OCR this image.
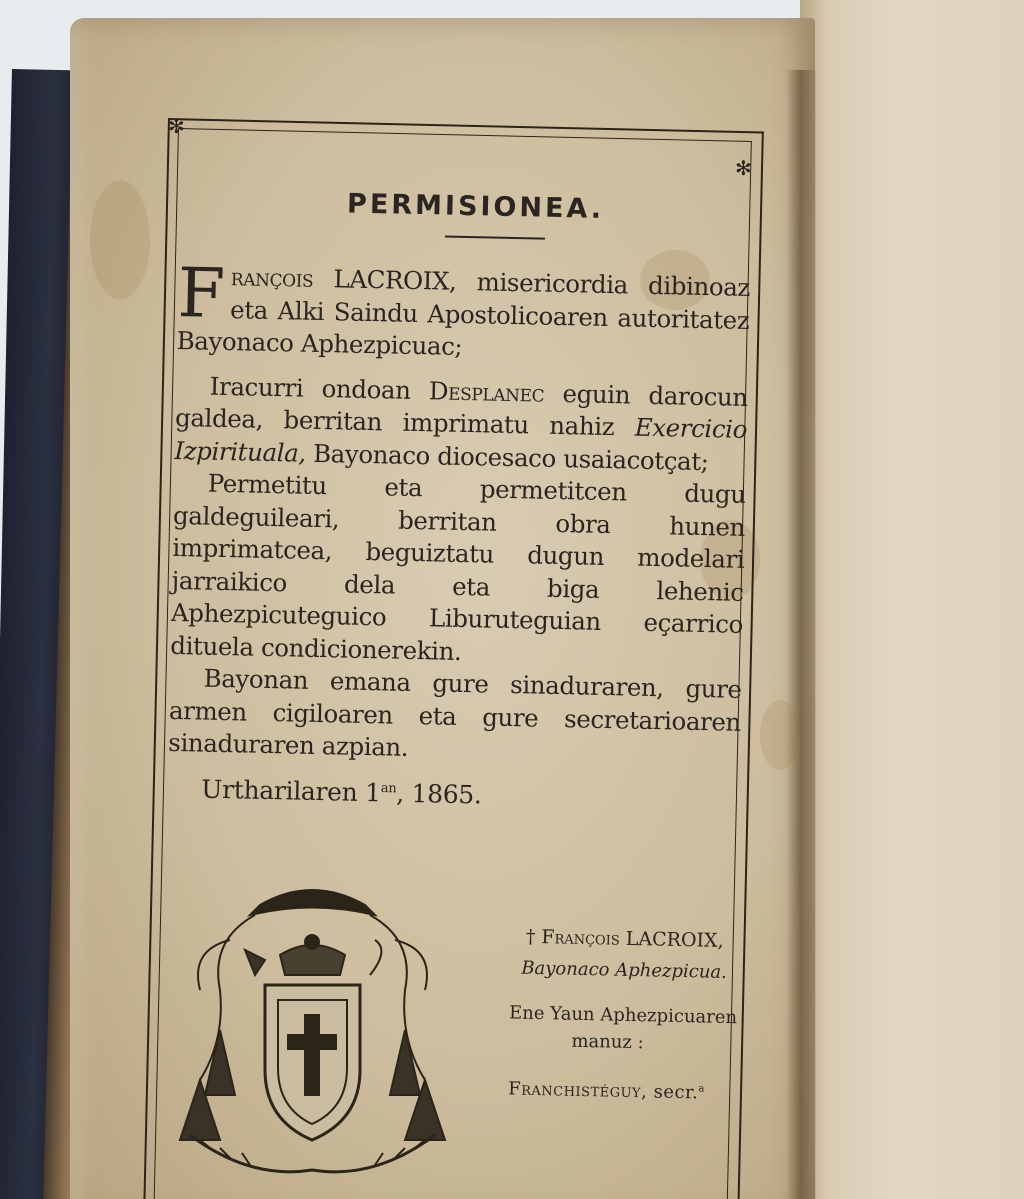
✻
✻
PERMISIONEA.

François LACROIX, misericordia dibinoaz eta Alki Saindu Apostolicoaren autoritatez Bayonaco Aphezpicuac;

Iracurri ondoan Desplanec eguin darocun galdea, berritan imprimatu nahiz Exercicio Izpirituala, Bayonaco diocesaco usaiacotçat;

Permetitu eta permetitcen dugu galdeguileari, berritan obra hunen imprimatcea, beguiztatu dugun modelari jarraikico dela eta biga lehenic Aphezpicuteguico Liburuteguian eçarrico dituela condicionerekin.

Bayonan emana gure sinaduraren, gure armen cigiloaren eta gure secretarioaren sinaduraren azpian.

Urtharilaren $1^{an}$, 1865.

† François LACROIX,

Bayonaco Aphezpicua.

Ene Yaun Aphezpicuaren

manuz :

Franchistéguy, secr.$^a$
